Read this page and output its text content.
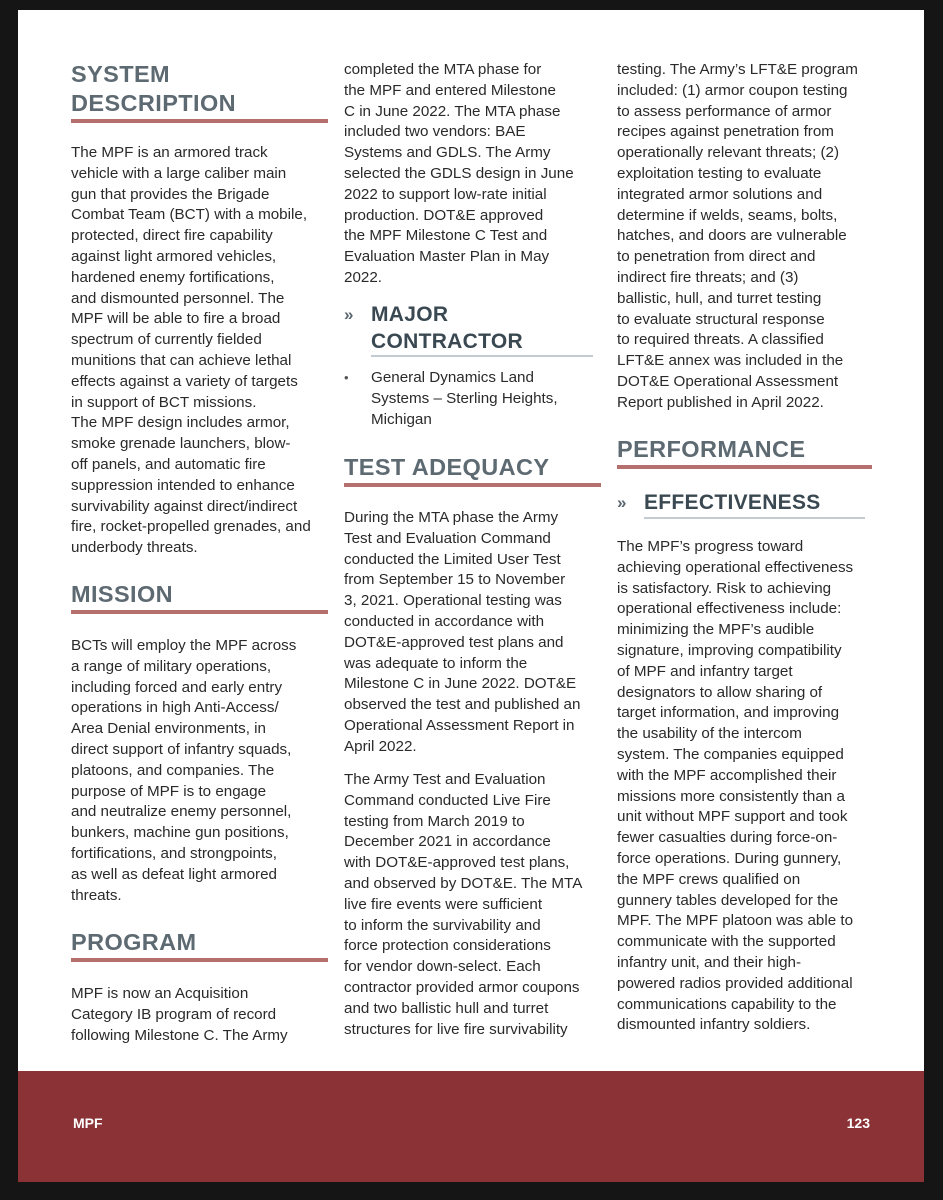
SYSTEM
DESCRIPTION

The MPF is an armored track
vehicle with a large caliber main
gun that provides the Brigade
Combat Team (BCT) with a mobile,
protected, direct fire capability
against light armored vehicles,
hardened enemy fortifications,
and dismounted personnel. The
MPF will be able to fire a broad
spectrum of currently fielded
munitions that can achieve lethal
effects against a variety of targets
in support of BCT missions.
The MPF design includes armor,
smoke grenade launchers, blow-
off panels, and automatic fire
suppression intended to enhance
survivability against direct/indirect
fire, rocket-propelled grenades, and
underbody threats.

MISSION

BCTs will employ the MPF across
a range of military operations,
including forced and early entry
operations in high Anti-Access/
Area Denial environments, in
direct support of infantry squads,
platoons, and companies. The
purpose of MPF is to engage
and neutralize enemy personnel,
bunkers, machine gun positions,
fortifications, and strongpoints,
as well as defeat light armored
threats.

PROGRAM

MPF is now an Acquisition
Category IB program of record
following Milestone C. The Army

completed the MTA phase for
the MPF and entered Milestone
C in June 2022. The MTA phase
included two vendors: BAE
Systems and GDLS. The Army
selected the GDLS design in June
2022 to support low-rate initial
production. DOT&E approved
the MPF Milestone C Test and
Evaluation Master Plan in May
2022.

» MAJOR
CONTRACTOR
•	General Dynamics Land
Systems – Sterling Heights,
Michigan

TEST ADEQUACY

During the MTA phase the Army
Test and Evaluation Command
conducted the Limited User Test
from September 15 to November
3, 2021. Operational testing was
conducted in accordance with
DOT&E-approved test plans and
was adequate to inform the
Milestone C in June 2022. DOT&E
observed the test and published an
Operational Assessment Report in
April 2022.

The Army Test and Evaluation
Command conducted Live Fire
testing from March 2019 to
December 2021 in accordance
with DOT&E-approved test plans,
and observed by DOT&E. The MTA
live fire events were sufficient
to inform the survivability and
force protection considerations
for vendor down-select. Each
contractor provided armor coupons
and two ballistic hull and turret
structures for live fire survivability

testing. The Army’s LFT&E program
included: (1) armor coupon testing
to assess performance of armor
recipes against penetration from
operationally relevant threats; (2)
exploitation testing to evaluate
integrated armor solutions and
determine if welds, seams, bolts,
hatches, and doors are vulnerable
to penetration from direct and
indirect fire threats; and (3)
ballistic, hull, and turret testing
to evaluate structural response
to required threats. A classified
LFT&E annex was included in the
DOT&E Operational Assessment
Report published in April 2022.

PERFORMANCE
» EFFECTIVENESS

The MPF’s progress toward
achieving operational effectiveness
is satisfactory. Risk to achieving
operational effectiveness include:
minimizing the MPF’s audible
signature, improving compatibility
of MPF and infantry target
designators to allow sharing of
target information, and improving
the usability of the intercom
system. The companies equipped
with the MPF accomplished their
missions more consistently than a
unit without MPF support and took
fewer casualties during force-on-
force operations. During gunnery,
the MPF crews qualified on
gunnery tables developed for the
MPF. The MPF platoon was able to
communicate with the supported
infantry unit, and their high-
powered radios provided additional
communications capability to the
dismounted infantry soldiers.

MPF	123
